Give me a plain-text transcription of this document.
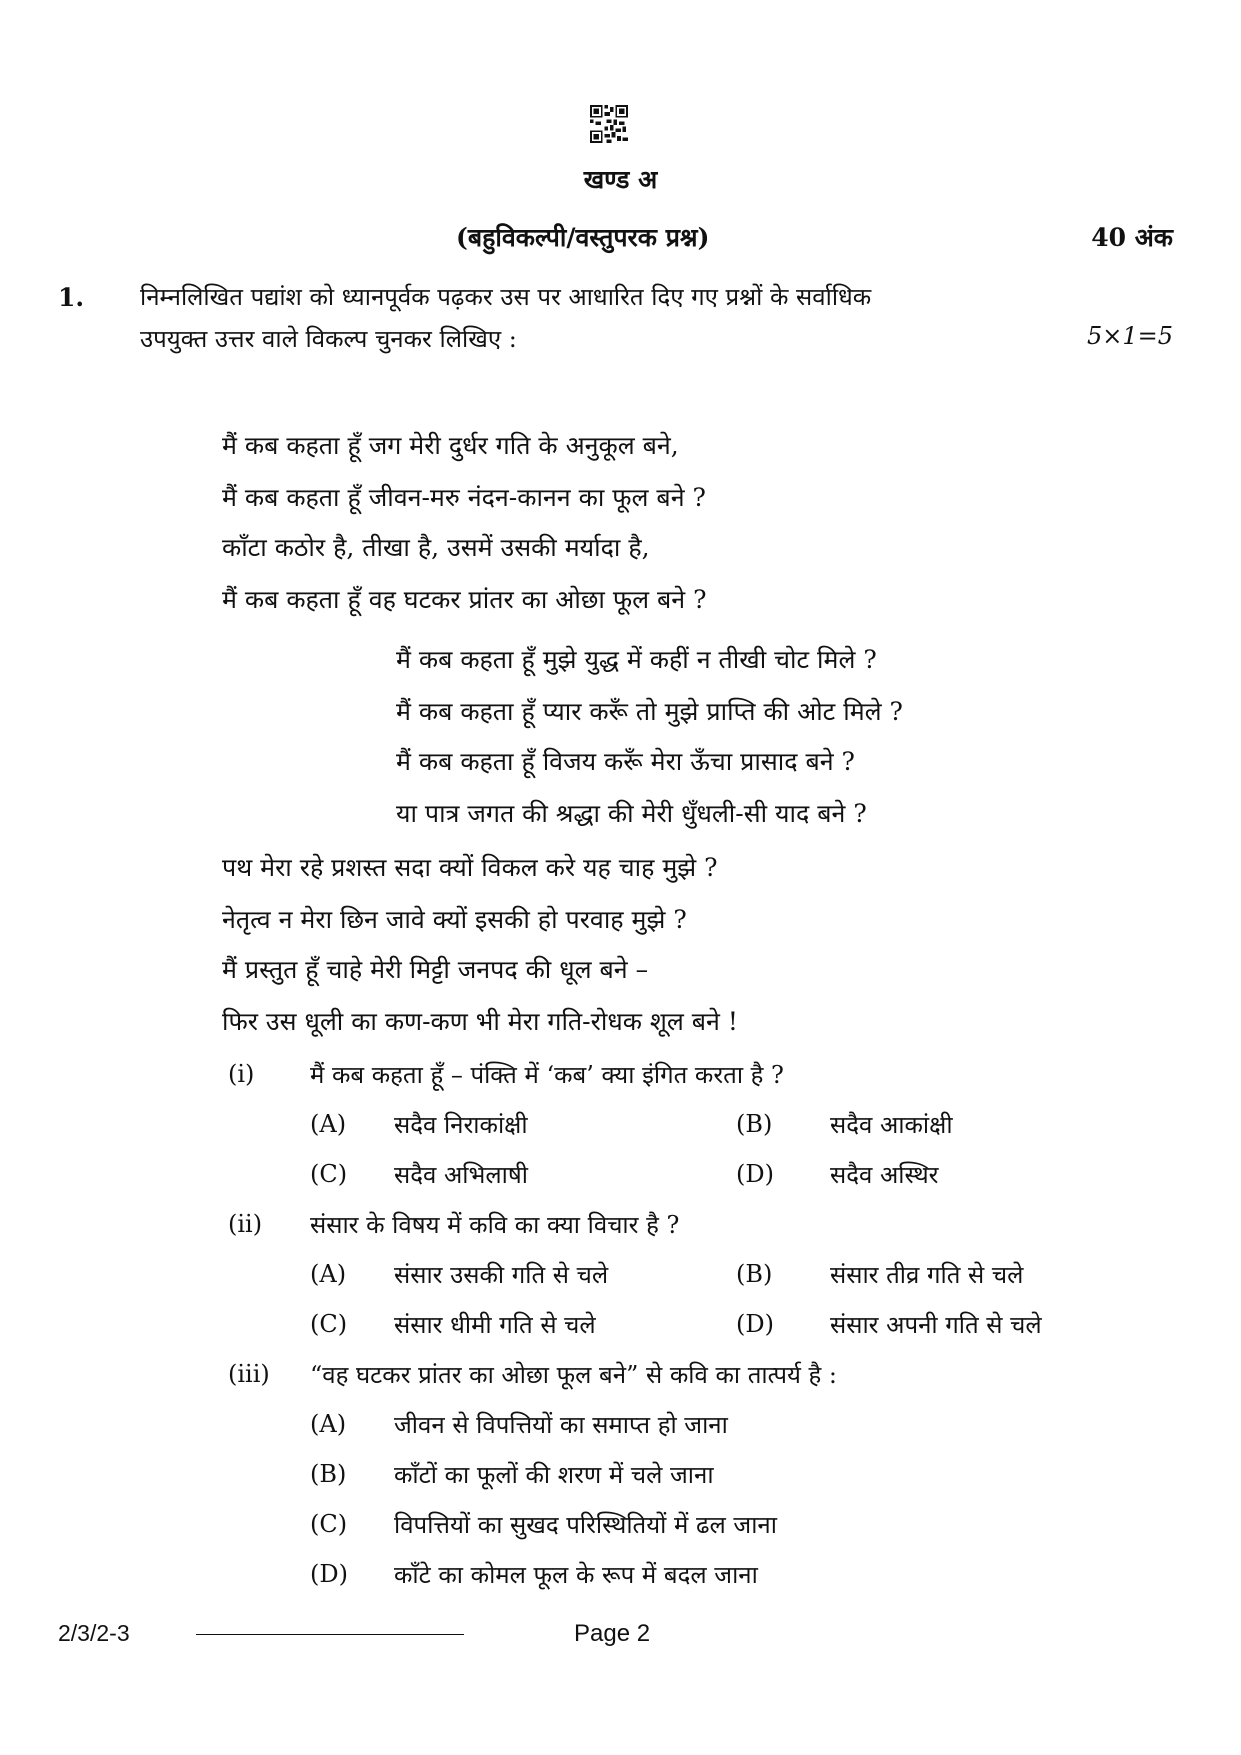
खण्ड अ
(बहुविकल्पी/वस्तुपरक प्रश्न)	40 अंक
1. निम्नलिखित पद्यांश को ध्यानपूर्वक पढ़कर उस पर आधारित दिए गए प्रश्नों के सर्वाधिक
उपयुक्त उत्तर वाले विकल्प चुनकर लिखिए :	5×1=5
मैं कब कहता हूँ जग मेरी दुर्धर गति के अनुकूल बने,
मैं कब कहता हूँ जीवन-मरु नंदन-कानन का फूल बने ?
काँटा कठोर है, तीखा है, उसमें उसकी मर्यादा है,
मैं कब कहता हूँ वह घटकर प्रांतर का ओछा फूल बने ?
मैं कब कहता हूँ मुझे युद्ध में कहीं न तीखी चोट मिले ?
मैं कब कहता हूँ प्यार करूँ तो मुझे प्राप्ति की ओट मिले ?
मैं कब कहता हूँ विजय करूँ मेरा ऊँचा प्रासाद बने ?
या पात्र जगत की श्रद्धा की मेरी धुँधली-सी याद बने ?
पथ मेरा रहे प्रशस्त सदा क्यों विकल करे यह चाह मुझे ?
नेतृत्व न मेरा छिन जावे क्यों इसकी हो परवाह मुझे ?
मैं प्रस्तुत हूँ चाहे मेरी मिट्टी जनपद की धूल बने –
फिर उस धूली का कण-कण भी मेरा गति-रोधक शूल बने !
(i) मैं कब कहता हूँ – पंक्ति में ‘कब’ क्या इंगित करता है ?
(A) सदैव निराकांक्षी	(B) सदैव आकांक्षी
(C) सदैव अभिलाषी	(D) सदैव अस्थिर
(ii) संसार के विषय में कवि का क्या विचार है ?
(A) संसार उसकी गति से चले	(B) संसार तीव्र गति से चले
(C) संसार धीमी गति से चले	(D) संसार अपनी गति से चले
(iii) “वह घटकर प्रांतर का ओछा फूल बने” से कवि का तात्पर्य है :
(A) जीवन से विपत्तियों का समाप्त हो जाना
(B) काँटों का फूलों की शरण में चले जाना
(C) विपत्तियों का सुखद परिस्थितियों में ढल जाना
(D) काँटे का कोमल फूल के रूप में बदल जाना
2/3/2-3	Page 2
